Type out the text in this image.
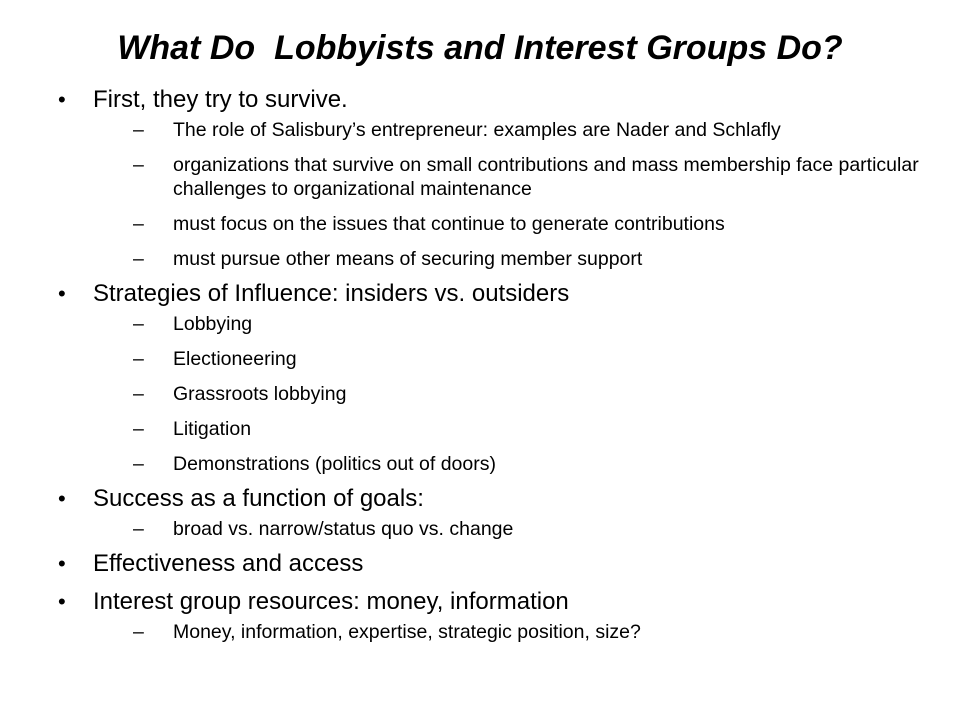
What Do  Lobbyists and Interest Groups Do?
•	First, they try to survive.
–	The role of Salisbury’s entrepreneur: examples are Nader and Schlafly
–	organizations that survive on small contributions and mass membership face particular challenges to organizational maintenance
–	must focus on the issues that continue to generate contributions
–	must pursue other means of securing member support
•	Strategies of Influence: insiders vs. outsiders
–	Lobbying
–	Electioneering
–	Grassroots lobbying
–	Litigation
–	Demonstrations (politics out of doors)
•	Success as a function of goals:
–	broad vs. narrow/status quo vs. change
•	Effectiveness and access
•	Interest group resources: money, information
–	Money, information, expertise, strategic position, size?
